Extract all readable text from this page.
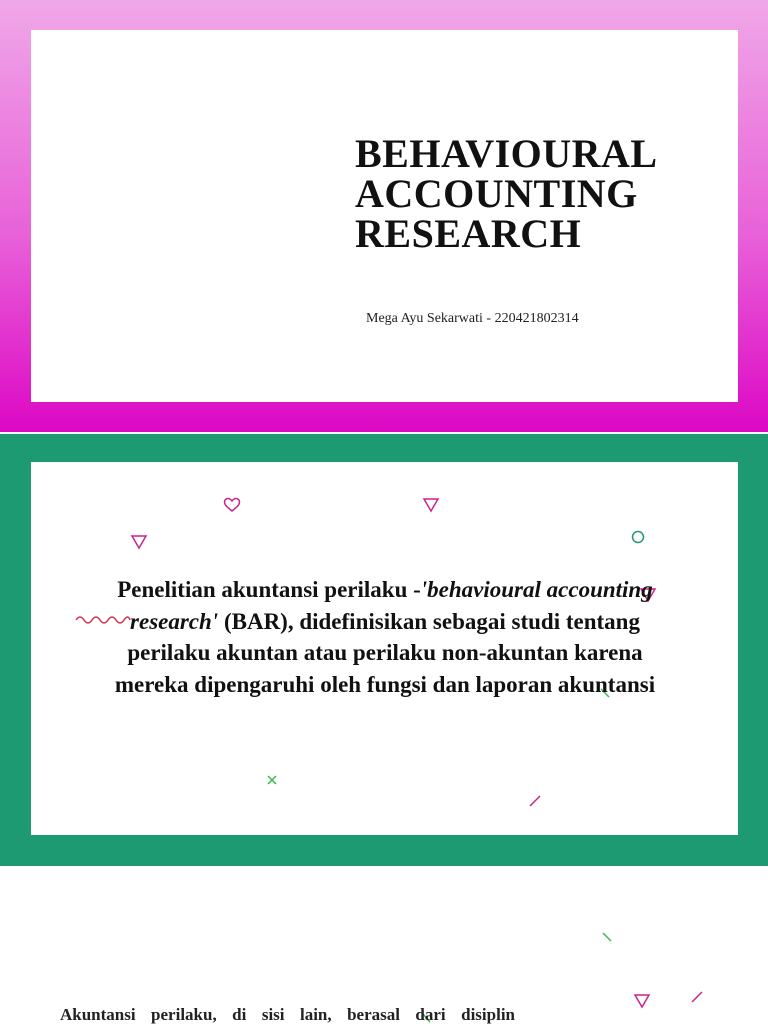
BEHAVIOURAL
ACCOUNTING
RESEARCH
Mega Ayu Sekarwati - 220421802314

Penelitian akuntansi perilaku -'behavioural accounting research' (BAR), didefinisikan sebagai studi tentang perilaku akuntan atau perilaku non-akuntan karena mereka dipengaruhi oleh fungsi dan laporan akuntansi

Akuntansi perilaku, di sisi lain, berasal dari disiplin
